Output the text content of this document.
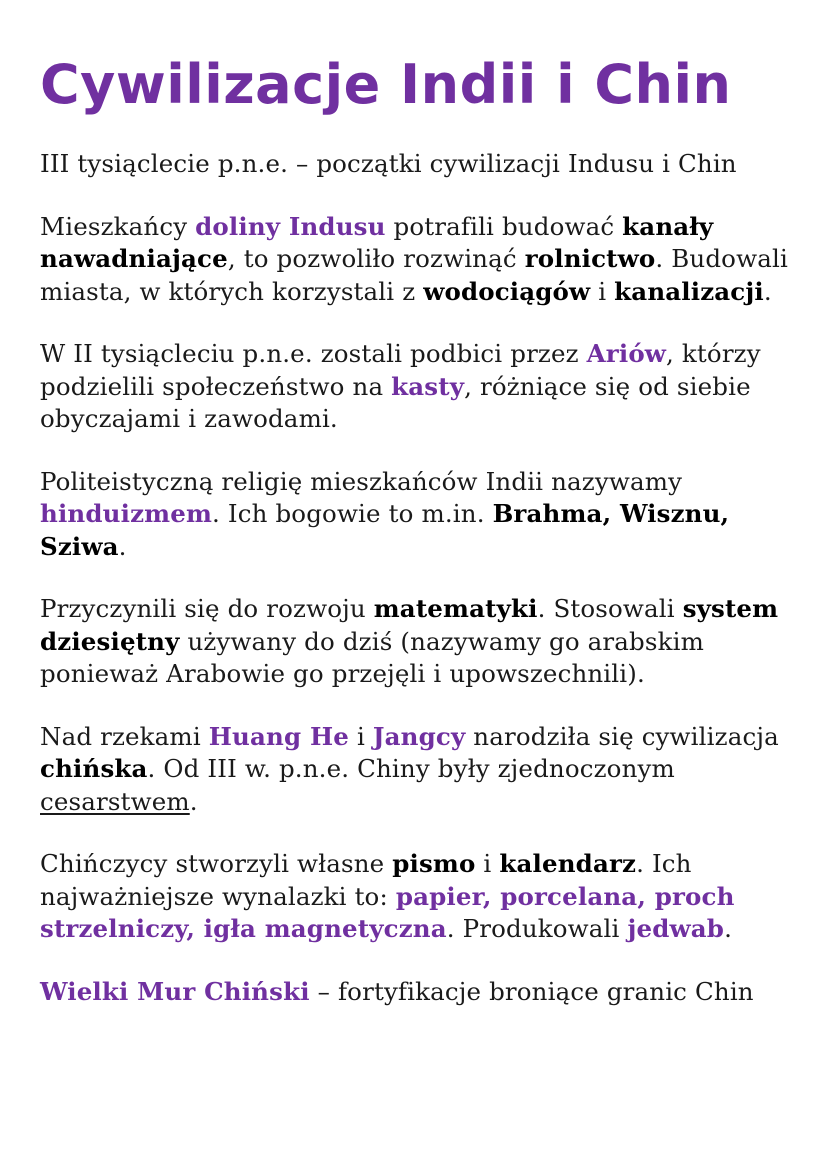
Cywilizacje Indii i Chin

III tysiąclecie p.n.e. – początki cywilizacji Indusu i Chin

Mieszkańcy doliny Indusu potrafili budować kanały nawadniające, to pozwoliło rozwinąć rolnictwo. Budowali miasta, w których korzystali z wodociągów i kanalizacji.

W II tysiącleciu p.n.e. zostali podbici przez Ariów, którzy podzielili społeczeństwo na kasty, różniące się od siebie obyczajami i zawodami.

Politeistyczną religię mieszkańców Indii nazywamy hinduizmem. Ich bogowie to m.in. Brahma, Wisznu, Sziwa.

Przyczynili się do rozwoju matematyki. Stosowali system dziesiętny używany do dziś (nazywamy go arabskim ponieważ Arabowie go przejęli i upowszechnili).

Nad rzekami Huang He i Jangcy narodziła się cywilizacja chińska. Od III w. p.n.e. Chiny były zjednoczonym cesarstwem.

Chińczycy stworzyli własne pismo i kalendarz. Ich najważniejsze wynalazki to: papier, porcelana, proch strzelniczy, igła magnetyczna. Produkowali jedwab.

Wielki Mur Chiński – fortyfikacje broniące granic Chin
